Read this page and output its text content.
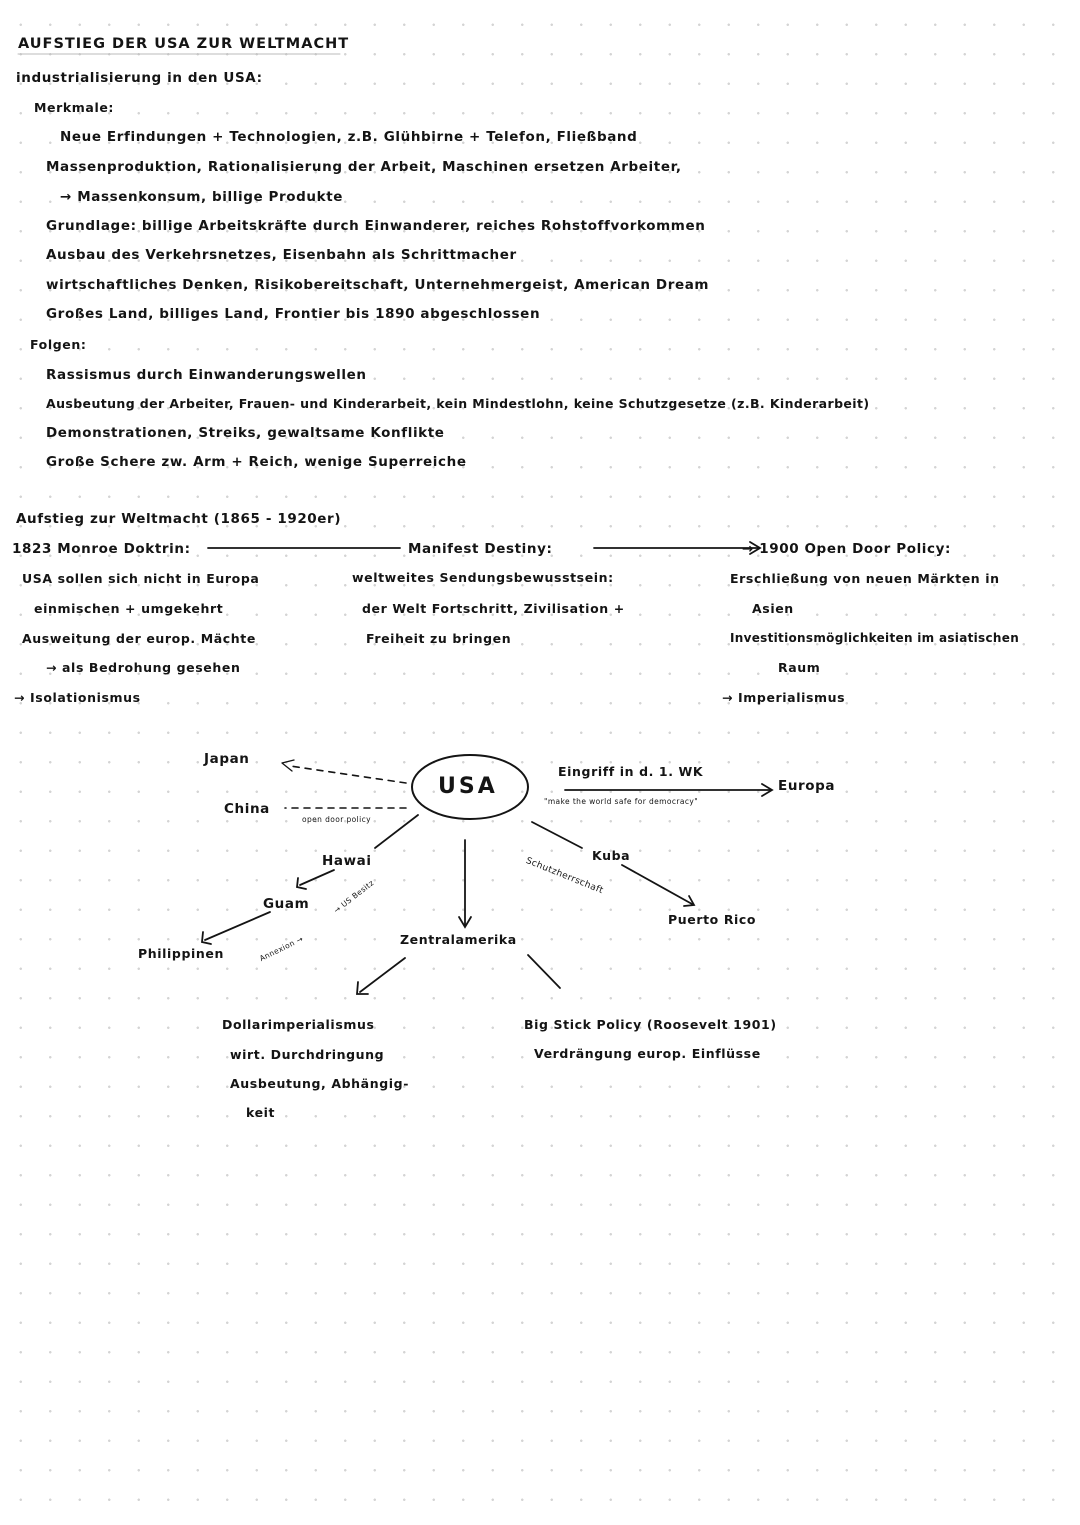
AUFSTIEG DER USA ZUR WELTMACHT
industrialisierung in den USA:
Merkmale:
Neue Erfindungen + Technologien, z.B. Glühbirne + Telefon, Fließband
Massenproduktion, Rationalisierung der Arbeit, Maschinen ersetzen Arbeiter,
→ Massenkonsum, billige Produkte
Grundlage: billige Arbeitskräfte durch Einwanderer, reiches Rohstoffvorkommen
Ausbau des Verkehrsnetzes, Eisenbahn als Schrittmacher
wirtschaftliches Denken, Risikobereitschaft, Unternehmergeist, American Dream
Großes Land, billiges Land, Frontier bis 1890 abgeschlossen
Folgen:
Rassismus durch Einwanderungswellen
Ausbeutung der Arbeiter, Frauen- und Kinderarbeit, kein Mindestlohn, keine Schutzgesetze (z.B. Kinderarbeit)
Demonstrationen, Streiks, gewaltsame Konflikte
Große Schere zw. Arm + Reich, wenige Superreiche
Aufstieg zur Weltmacht (1865 - 1920er)
1823 Monroe Doktrin:
USA sollen sich nicht in Europa
einmischen + umgekehrt
Ausweitung der europ. Mächte
→ als Bedrohung gesehen
→ Isolationismus
Manifest Destiny:
weltweites Sendungsbewusstsein:
der Welt Fortschritt, Zivilisation +
Freiheit zu bringen
→ 1900 Open Door Policy:
Erschließung von neuen Märkten in
Asien
Investitionsmöglichkeiten im asiatischen
Raum
→ Imperialismus
USA
Japan
China
open door policy
Hawai
Guam
Philippinen
→ US Besitz
Annexion →
Eingriff in d. 1. WK
Europa
"make the world safe for democracy"
Kuba
Schutzherrschaft
Puerto Rico
Zentralamerika
Dollarimperialismus
wirt. Durchdringung
Ausbeutung, Abhängig-
keit
Big Stick Policy (Roosevelt 1901)
Verdrängung europ. Einflüsse
